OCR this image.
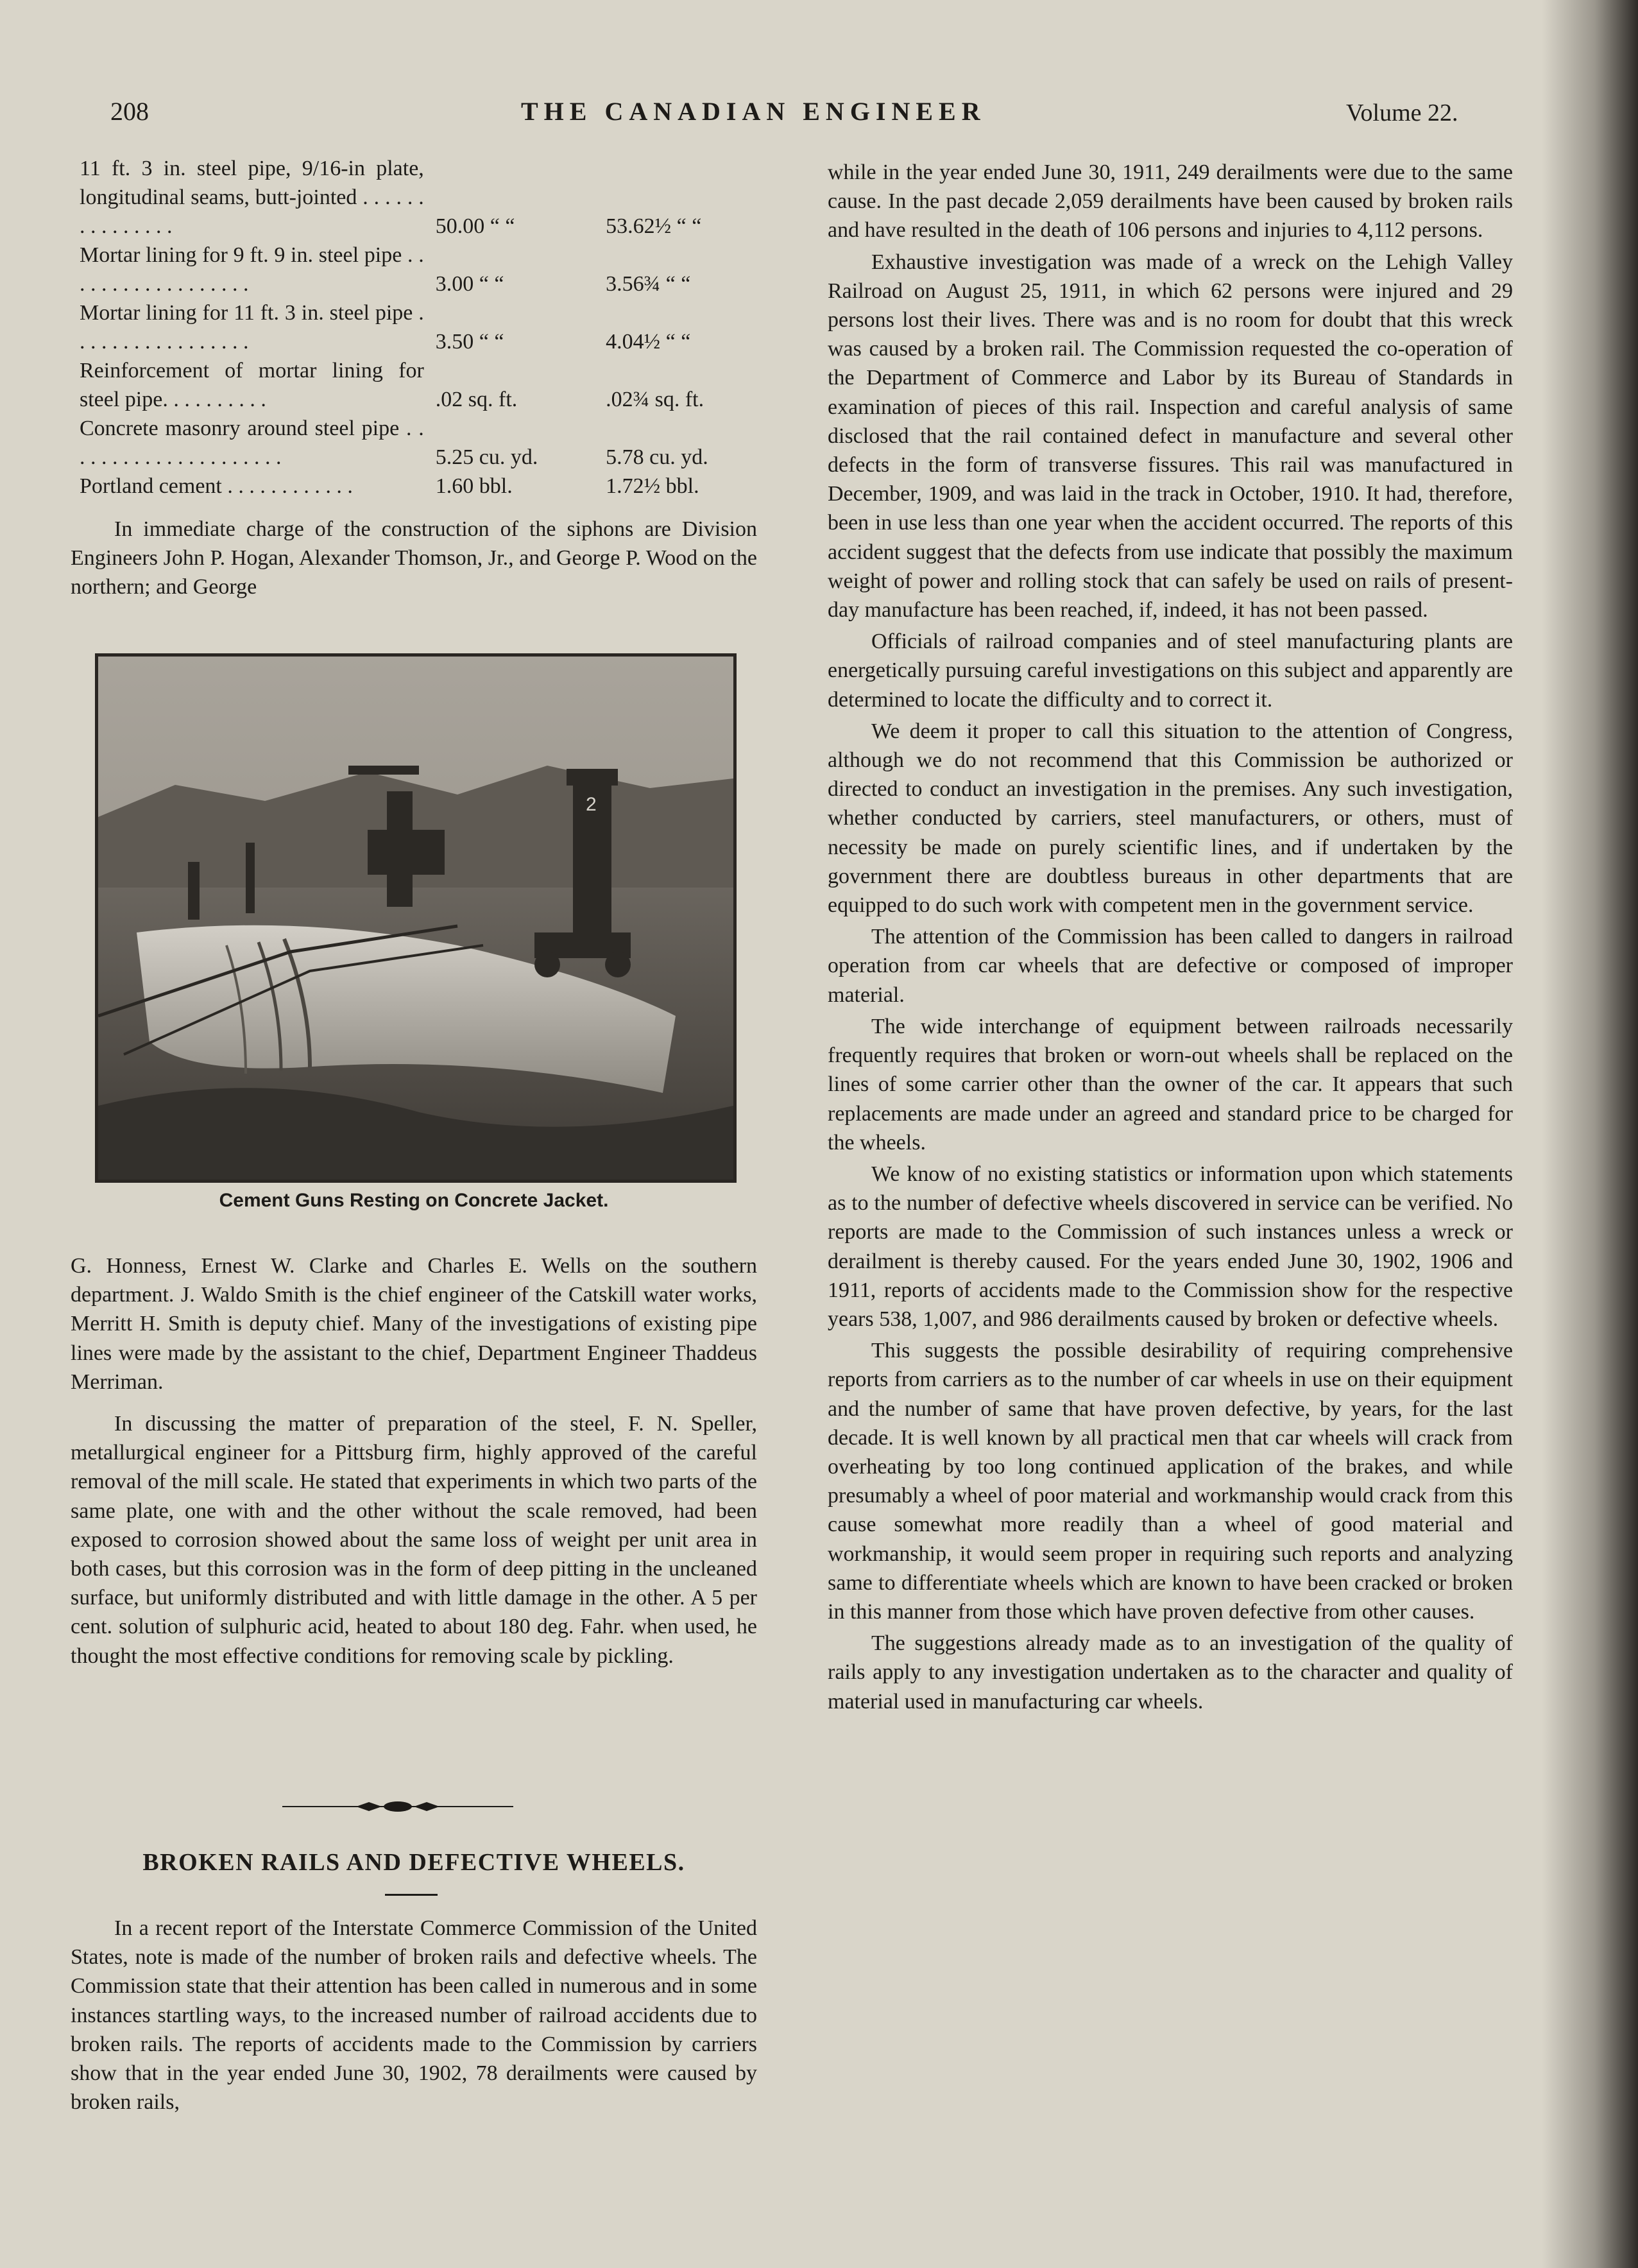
208	THE CANADIAN ENGINEER	Volume 22.
11 ft. 3 in. steel pipe, 9/16-in plate, longitudinal seams, butt-jointed . . . . . . . . . . . . . . .	50.00 “ “	53.62½ “ “
Mortar lining for 9 ft. 9 in. steel pipe . . . . . . . . . . . . . . . . . .	3.00 “ “	3.56¾ “ “
Mortar lining for 11 ft. 3 in. steel pipe . . . . . . . . . . . . . . . . .	3.50 “ “	4.04½ “ “
Reinforcement of mortar lining for steel pipe. . . . . . . . . .	.02 sq. ft.	.02¾ sq. ft.
Concrete masonry around steel pipe . . . . . . . . . . . . . . . . . . . . .	5.25 cu. yd.	5.78 cu. yd.
Portland cement . . . . . . . . . . . .	1.60 bbl.	1.72½ bbl.

In immediate charge of the construction of the siphons are Division Engineers John P. Hogan, Alexander Thomson, Jr., and George P. Wood on the northern; and George

2
Cement Guns Resting on Concrete Jacket.

G. Honness, Ernest W. Clarke and Charles E. Wells on the southern department. J. Waldo Smith is the chief engineer of the Catskill water works, Merritt H. Smith is deputy chief. Many of the investigations of existing pipe lines were made by the assistant to the chief, Department Engineer Thaddeus Merriman.

In discussing the matter of preparation of the steel, F. N. Speller, metallurgical engineer for a Pittsburg firm, highly approved of the careful removal of the mill scale. He stated that experiments in which two parts of the same plate, one with and the other without the scale removed, had been exposed to corrosion showed about the same loss of weight per unit area in both cases, but this corrosion was in the form of deep pitting in the uncleaned surface, but uniformly distributed and with little damage in the other. A 5 per cent. solution of sulphuric acid, heated to about 180 deg. Fahr. when used, he thought the most effective conditions for removing scale by pickling.

BROKEN RAILS AND DEFECTIVE WHEELS.

In a recent report of the Interstate Commerce Commission of the United States, note is made of the number of broken rails and defective wheels. The Commission state that their attention has been called in numerous and in some instances startling ways, to the increased number of railroad accidents due to broken rails. The reports of accidents made to the Commission by carriers show that in the year ended June 30, 1902, 78 derailments were caused by broken rails,

while in the year ended June 30, 1911, 249 derailments were due to the same cause. In the past decade 2,059 derailments have been caused by broken rails and have resulted in the death of 106 persons and injuries to 4,112 persons.

Exhaustive investigation was made of a wreck on the Lehigh Valley Railroad on August 25, 1911, in which 62 persons were injured and 29 persons lost their lives. There was and is no room for doubt that this wreck was caused by a broken rail. The Commission requested the co-operation of the Department of Commerce and Labor by its Bureau of Standards in examination of pieces of this rail. Inspection and careful analysis of same disclosed that the rail contained defect in manufacture and several other defects in the form of transverse fissures. This rail was manufactured in December, 1909, and was laid in the track in October, 1910. It had, therefore, been in use less than one year when the accident occurred. The reports of this accident suggest that the defects from use indicate that possibly the maximum weight of power and rolling stock that can safely be used on rails of present-day manufacture has been reached, if, indeed, it has not been passed.

Officials of railroad companies and of steel manufacturing plants are energetically pursuing careful investigations on this subject and apparently are determined to locate the difficulty and to correct it.

We deem it proper to call this situation to the attention of Congress, although we do not recommend that this Commission be authorized or directed to conduct an investigation in the premises. Any such investigation, whether conducted by carriers, steel manufacturers, or others, must of necessity be made on purely scientific lines, and if undertaken by the government there are doubtless bureaus in other departments that are equipped to do such work with competent men in the government service.

The attention of the Commission has been called to dangers in railroad operation from car wheels that are defective or composed of improper material.

The wide interchange of equipment between railroads necessarily frequently requires that broken or worn-out wheels shall be replaced on the lines of some carrier other than the owner of the car. It appears that such replacements are made under an agreed and standard price to be charged for the wheels.

We know of no existing statistics or information upon which statements as to the number of defective wheels discovered in service can be verified. No reports are made to the Commission of such instances unless a wreck or derailment is thereby caused. For the years ended June 30, 1902, 1906 and 1911, reports of accidents made to the Commission show for the respective years 538, 1,007, and 986 derailments caused by broken or defective wheels.

This suggests the possible desirability of requiring comprehensive reports from carriers as to the number of car wheels in use on their equipment and the number of same that have proven defective, by years, for the last decade. It is well known by all practical men that car wheels will crack from overheating by too long continued application of the brakes, and while presumably a wheel of poor material and workmanship would crack from this cause somewhat more readily than a wheel of good material and workmanship, it would seem proper in requiring such reports and analyzing same to differentiate wheels which are known to have been cracked or broken in this manner from those which have proven defective from other causes.

The suggestions already made as to an investigation of the quality of rails apply to any investigation undertaken as to the character and quality of material used in manufacturing car wheels.
